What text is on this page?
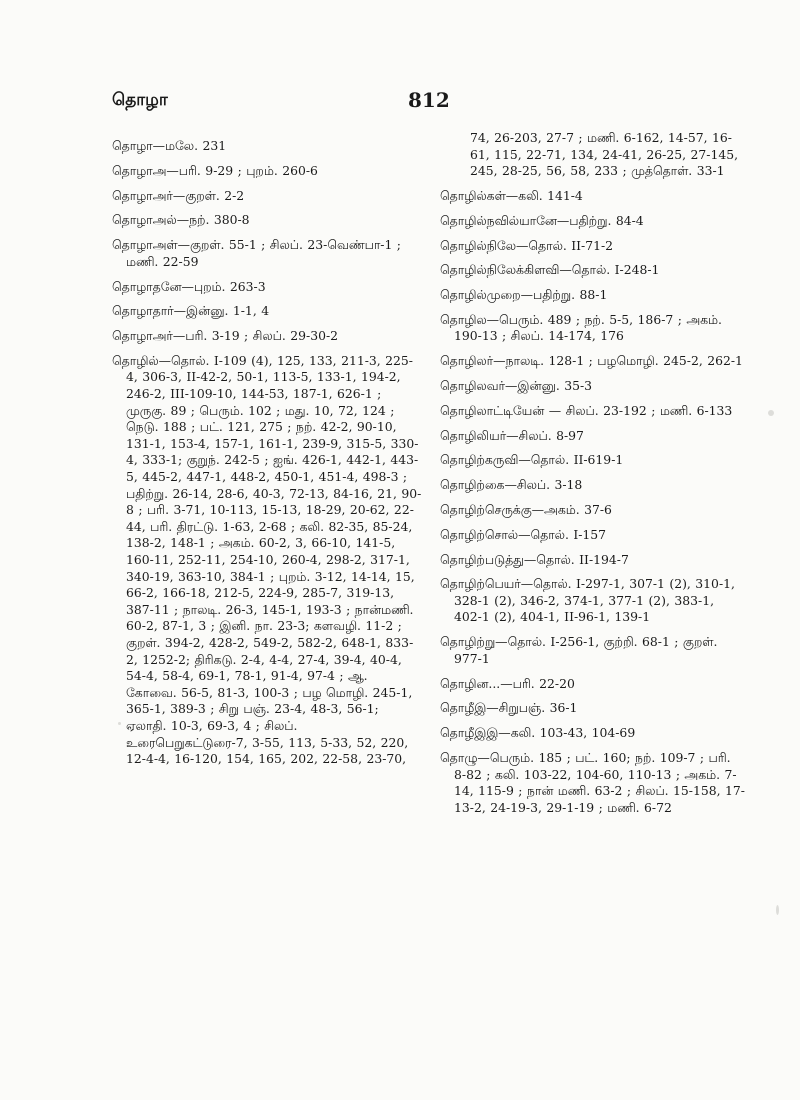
தொழா	812

தொழா—மலே. 231

தொழாஅ—பரி. 9-29 ; புறம். 260-6

தொழாஅர்—குறள். 2-2

தொழாஅல்—நற். 380-8

தொழாஅள்—குறள். 55-1 ; சிலப். 23-வெண்பா-1 ; மணி. 22-59

தொழாதனே—புறம். 263-3

தொழாதார்—இன்னு. 1-1, 4

தொழாஅர்—பரி. 3-19 ; சிலப். 29-30-2

தொழில்—தொல். I-109 (4), 125, 133, 211-3, 225-4, 306-3, II-42-2, 50-1, 113-5, 133-1, 194-2, 246-2, III-109-10, 144-53, 187-1, 626-1 ; முருகு. 89 ; பெரும். 102 ; மது. 10, 72, 124 ; நெடு. 188 ; பட். 121, 275 ; நற். 42-2, 90-10, 131-1, 153-4, 157-1, 161-1, 239-9, 315-5, 330-4, 333-1; குறுந். 242-5 ; ஐங். 426-1, 442-1, 443-5, 445-2, 447-1, 448-2, 450-1, 451-4, 498-3 ; பதிற்று. 26-14, 28-6, 40-3, 72-13, 84-16, 21, 90-8 ; பரி. 3-71, 10-113, 15-13, 18-29, 20-62, 22-44, பரி. திரட்டு. 1-63, 2-68 ; கலி. 82-35, 85-24, 138-2, 148-1 ; அகம். 60-2, 3, 66-10, 141-5, 160-11, 252-11, 254-10, 260-4, 298-2, 317-1, 340-19, 363-10, 384-1 ; புறம். 3-12, 14-14, 15, 66-2, 166-18, 212-5, 224-9, 285-7, 319-13, 387-11 ; நாலடி. 26-3, 145-1, 193-3 ; நான்மணி. 60-2, 87-1, 3 ; இனி. நா. 23-3; களவழி. 11-2 ; குறள். 394-2, 428-2, 549-2, 582-2, 648-1, 833-2, 1252-2; திரிகடு. 2-4, 4-4, 27-4, 39-4, 40-4, 54-4, 58-4, 69-1, 78-1, 91-4, 97-4 ; ஆ. கோவை. 56-5, 81-3, 100-3 ; பழ மொழி. 245-1, 365-1, 389-3 ; சிறு பஞ். 23-4, 48-3, 56-1; ஏலாதி. 10-3, 69-3, 4 ; சிலப். உரைபெறுகட்டுரை-7, 3-55, 113, 5-33, 52, 220, 12-4-4, 16-120, 154, 165, 202, 22-58, 23-70,

74, 26-203, 27-7 ; மணி. 6-162, 14-57, 16-61, 115, 22-71, 134, 24-41, 26-25, 27-145, 245, 28-25, 56, 58, 233 ; முத்தொள். 33-1

தொழில்கள்—கலி. 141-4

தொழில்நவில்யானே—பதிற்று. 84-4

தொழில்நிலே—தொல். II-71-2

தொழில்நிலேக்கிளவி—தொல். I-248-1

தொழில்முறை—பதிற்று. 88-1

தொழில—பெரும். 489 ; நற். 5-5, 186-7 ; அகம். 190-13 ; சிலப். 14-174, 176

தொழிலர்—நாலடி. 128-1 ; பழமொழி. 245-2, 262-1

தொழிலவர்—இன்னு. 35-3

தொழிலாட்டியேன் — சிலப். 23-192 ; மணி. 6-133

தொழிலியர்—சிலப். 8-97

தொழிற்கருவி—தொல். II-619-1

தொழிற்கை—சிலப். 3-18

தொழிற்செருக்கு—அகம். 37-6

தொழிற்சொல்—தொல். I-157

தொழிற்படுத்து—தொல். II-194-7

தொழிற்பெயர்—தொல். I-297-1, 307-1 (2), 310-1, 328-1 (2), 346-2, 374-1, 377-1 (2), 383-1, 402-1 (2), 404-1, II-96-1, 139-1

தொழிற்று—தொல். I-256-1, குற்றி. 68-1 ; குறள். 977-1

தொழின...—பரி. 22-20

தொழீஇ—சிறுபஞ். 36-1

தொழீஇஇ—கலி. 103-43, 104-69

தொழு—பெரும். 185 ; பட். 160; நற். 109-7 ; பரி. 8-82 ; கலி. 103-22, 104-60, 110-13 ; அகம். 7-14, 115-9 ; நான் மணி. 63-2 ; சிலப். 15-158, 17-13-2, 24-19-3, 29-1-19 ; மணி. 6-72
